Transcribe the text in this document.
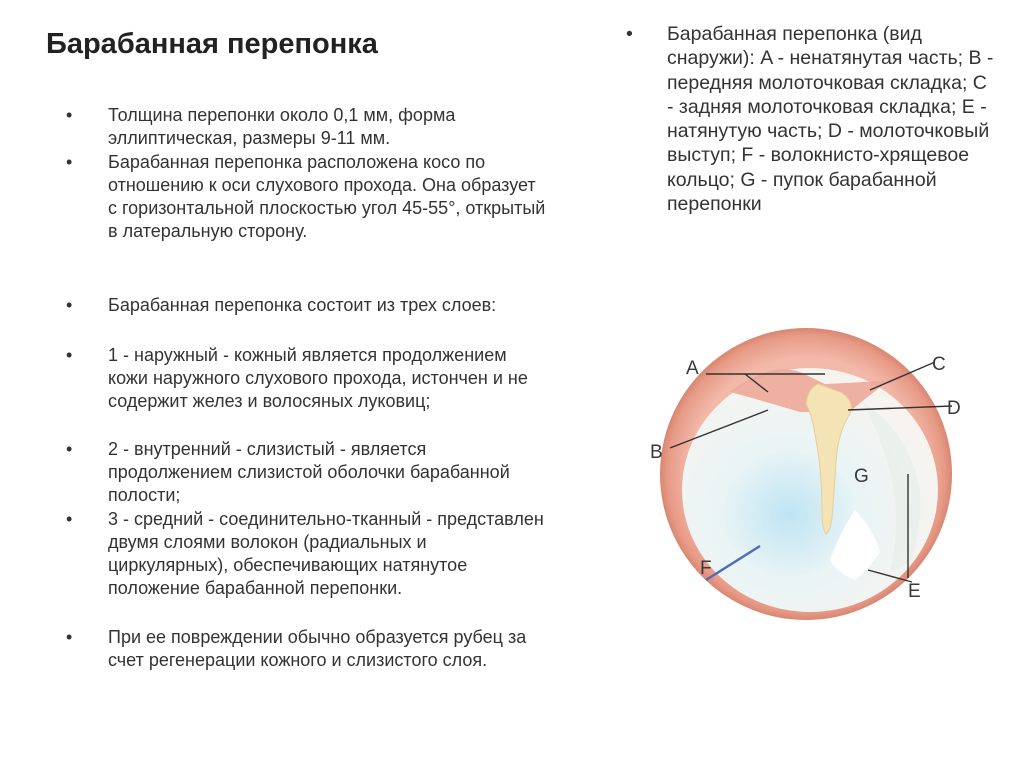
Барабанная перепонка
• Толщина перепонки около 0,1 мм, форма эллиптическая, размеры 9-11 мм.
• Барабанная перепонка расположена косо по отношению к оси слухового прохода. Она образует с горизонтальной плоскостью угол 45-55°, открытый в латеральную сторону.
• Барабанная перепонка состоит из трех слоев:
• 1 - наружный - кожный является продолжением кожи наружного слухового прохода, истончен и не содержит желез и волосяных луковиц;
• 2 - внутренний - слизистый - является продолжением слизистой оболочки барабанной полости;
• 3 - средний - соединительно-тканный - представлен двумя слоями волокон (радиальных и циркулярных), обеспечивающих натянутое положение барабанной перепонки.
• При ее повреждении обычно образуется рубец за счет регенерации кожного и слизистого слоя.
• Барабанная перепонка (вид снаружи): A - ненатянутая часть; B - передняя молоточковая складка; C - задняя молоточковая складка; E - натянутую часть; D - молоточковый выступ; F - волокнисто-хрящевое кольцо; G - пупок барабанной перепонки
A
B
C
D
E
F
G
